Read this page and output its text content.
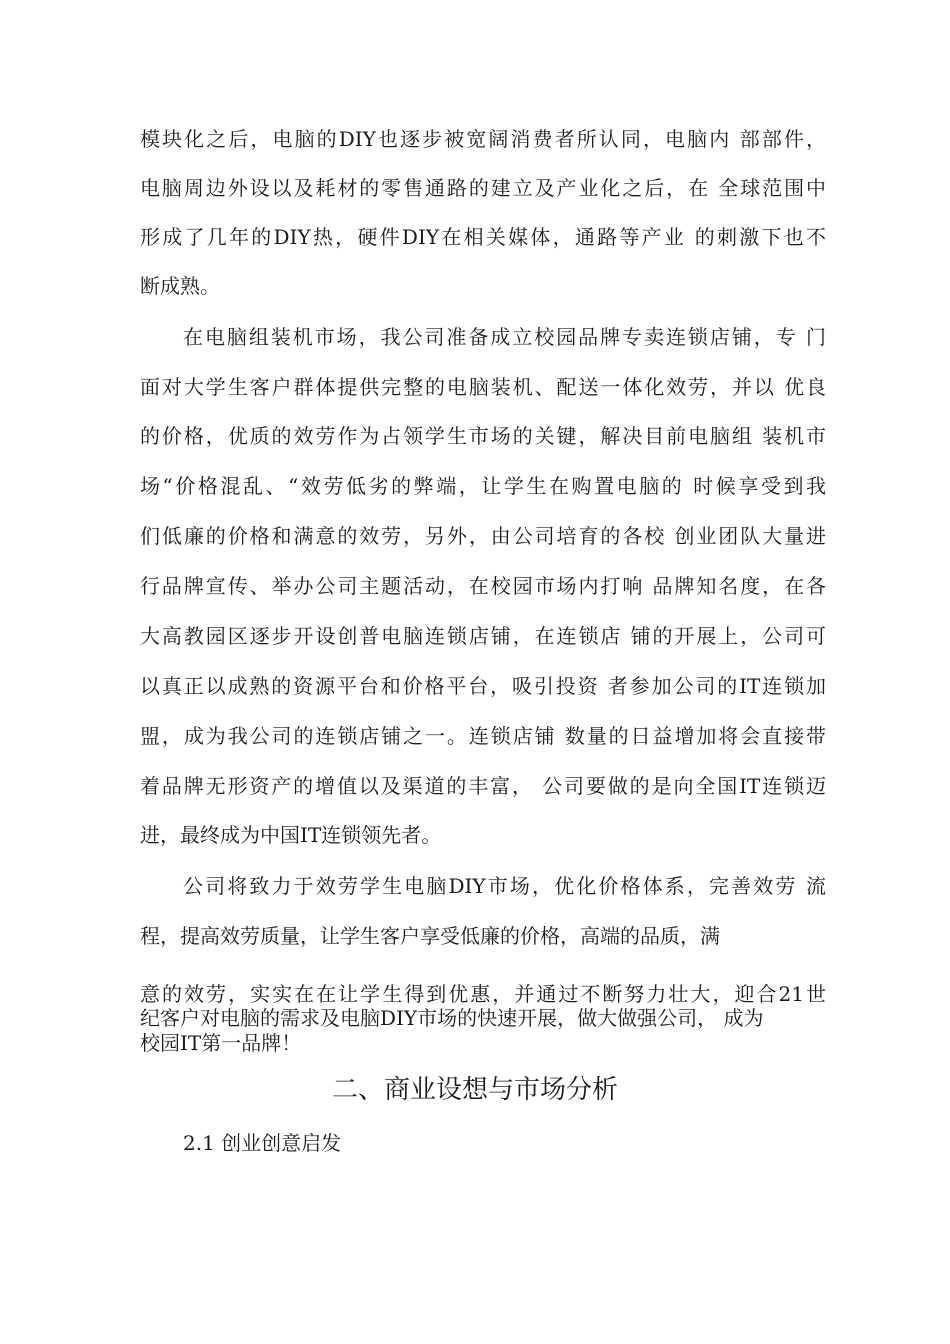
模块化之后，电脑的DIY也逐步被宽阔消费者所认同，电脑内 部部件，
电脑周边外设以及耗材的零售通路的建立及产业化之后，在 全球范围中
形成了几年的DIY热，硬件DIY在相关媒体，通路等产业 的刺激下也不
断成熟。
在电脑组装机市场，我公司准备成立校园品牌专卖连锁店铺，专 门
面对大学生客户群体提供完整的电脑装机、配送一体化效劳，并以 优良
的价格，优质的效劳作为占领学生市场的关键，解决目前电脑组 装机市
场“价格混乱、“效劳低劣的弊端，让学生在购置电脑的 时候享受到我
们低廉的价格和满意的效劳，另外，由公司培育的各校 创业团队大量进
行品牌宣传、举办公司主题活动，在校园市场内打响 品牌知名度，在各
大高教园区逐步开设创普电脑连锁店铺，在连锁店 铺的开展上，公司可
以真正以成熟的资源平台和价格平台，吸引投资 者参加公司的IT连锁加
盟，成为我公司的连锁店铺之一。连锁店铺 数量的日益增加将会直接带
着品牌无形资产的增值以及渠道的丰富， 公司要做的是向全国IT连锁迈
进，最终成为中国IT连锁领先者。
公司将致力于效劳学生电脑DIY市场，优化价格体系，完善效劳 流
程，提高效劳质量，让学生客户享受低廉的价格，高端的品质，满
意的效劳，实实在在让学生得到优惠，并通过不断努力壮大，迎合21世
纪客户对电脑的需求及电脑DIY市场的快速开展，做大做强公司， 成为
校园IT第一品牌！
二、商业设想与市场分析
2.1 创业创意启发
